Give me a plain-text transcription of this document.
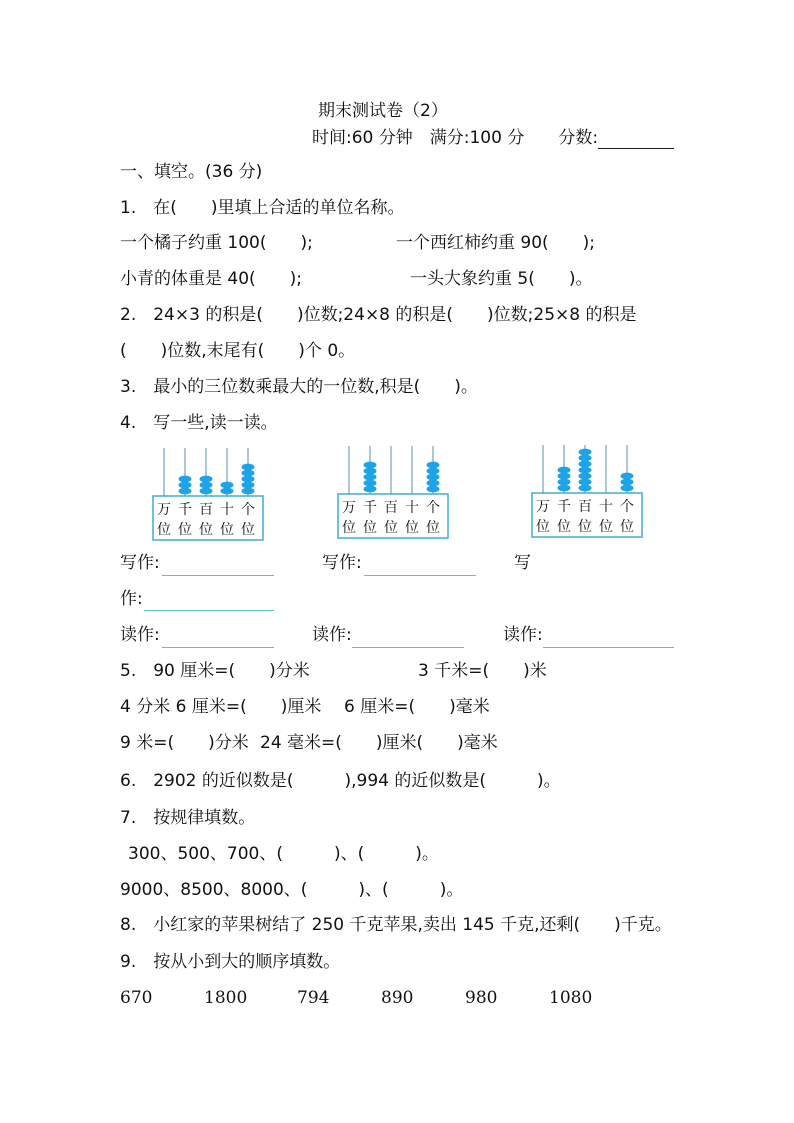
期末测试卷（2）
时间:60 分钟　满分:100 分　　分数:
一、填空。(36 分)
1.　在(　　)里填上合适的单位名称。
一个橘子约重 100(　　);	一个西红柿约重 90(　　);
小青的体重是 40(　　);	一头大象约重 5(　　)。
2.　24×3 的积是(　　)位数;24×8 的积是(　　)位数;25×8 的积是
(　　)位数,末尾有(　　)个 0。
3.　最小的三位数乘最大的一位数,积是(　　)。
4.　写一些,读一读。
万
位
千
位
百
位
十
位
个
位
万
位
千
位
百
位
十
位
个
位
万
位
千
位
百
位
十
位
个
位
写作:	写作:	写
作:
读作:	读作:	读作:
5.　90 厘米=(　　)分米	3 千米=(　　)米
4 分米 6 厘米=(　　)厘米 6 厘米=(　　)毫米
9 米=(　　)分米 24 毫米=(　　)厘米(　　)毫米
6.　2902 的近似数是(　　　),994 的近似数是(　　　)。
7.　按规律填数。
300、500、700、(　　　)、(　　　)。
9000、8500、8000、(　　　)、(　　　)。
8.　小红家的苹果树结了 250 千克苹果,卖出 145 千克,还剩(　　)千克。
9.　按从小到大的顺序填数。
670	1800	794	890	980	1080
